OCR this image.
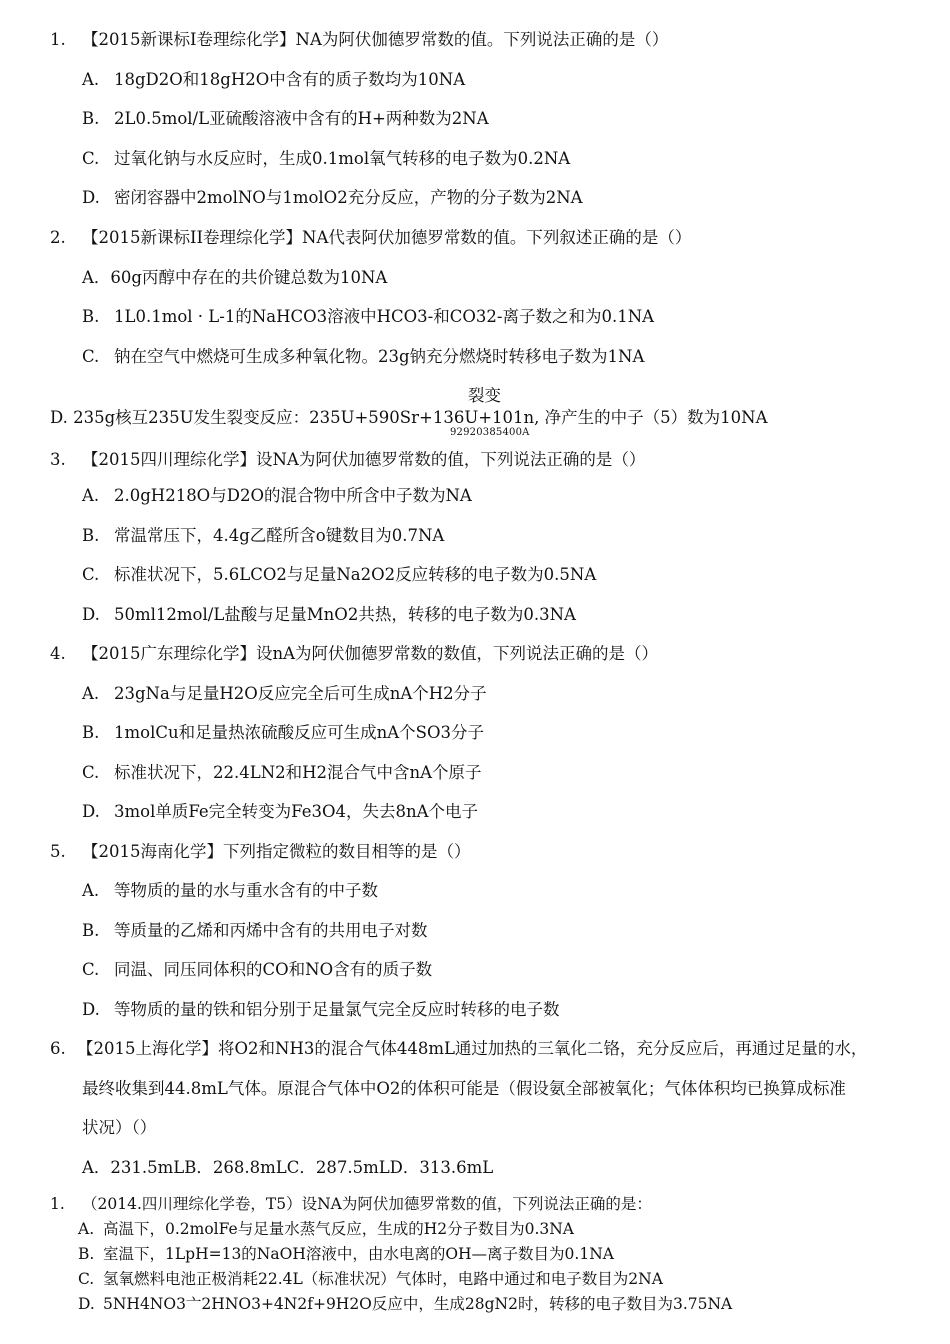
1. 【2015新课标I卷理综化学】NA为阿伏伽德罗常数的值。下列说法正确的是（）
A. 18gD2O和18gH2O中含有的质子数均为10NA
B. 2L0.5mol/L亚硫酸溶液中含有的H+两种数为2NA
C. 过氧化钠与水反应时，生成0.1mol氧气转移的电子数为0.2NA
D. 密闭容器中2molNO与1molO2充分反应，产物的分子数为2NA
2. 【2015新课标II卷理综化学】NA代表阿伏加德罗常数的值。下列叙述正确的是（）
A．60g丙醇中存在的共价键总数为10NA
B. 1L0.1mol · L-1的NaHCO3溶液中HCO3-和CO32-离子数之和为0.1NA
C. 钠在空气中燃烧可生成多种氧化物。23g钠充分燃烧时转移电子数为1NA
裂变
D. 235g核互235U发生裂变反应：235U+590Sr+136U+101n, 净产生的中子（5）数为10NA
92920385400A
3. 【2015四川理综化学】设NA为阿伏加德罗常数的值，下列说法正确的是（）
A. 2.0gH218O与D2O的混合物中所含中子数为NA
B. 常温常压下，4.4g乙醛所含o键数目为0.7NA
C. 标准状况下，5.6LCO2与足量Na2O2反应转移的电子数为0.5NA
D. 50ml12mol/L盐酸与足量MnO2共热，转移的电子数为0.3NA
4. 【2015广东理综化学】设nA为阿伏伽德罗常数的数值，下列说法正确的是（）
A. 23gNa与足量H2O反应完全后可生成nA个H2分子
B. 1molCu和足量热浓硫酸反应可生成nA个SO3分子
C. 标准状况下，22.4LN2和H2混合气中含nA个原子
D. 3mol单质Fe完全转变为Fe3O4，失去8nA个电子
5. 【2015海南化学】下列指定微粒的数目相等的是（）
A. 等物质的量的水与重水含有的中子数
B. 等质量的乙烯和丙烯中含有的共用电子对数
C. 同温、同压同体积的CO和NO含有的质子数
D. 等物质的量的铁和铝分别于足量氯气完全反应时转移的电子数
6. 【2015上海化学】将O2和NH3的混合气体448mL通过加热的三氧化二铬，充分反应后，再通过足量的水，
最终收集到44.8mL气体。原混合气体中O2的体积可能是（假设氨全部被氧化；气体体积均已换算成标准
状况）（）
A．231.5mLB．268.8mLC．287.5mLD．313.6mL
1. （2014.四川理综化学卷，T5）设NA为阿伏加德罗常数的值，下列说法正确的是：
A. 高温下，0.2molFe与足量水蒸气反应，生成的H2分子数目为0.3NA
B. 室温下，1LpH=13的NaOH溶液中，由水电离的OH—离子数目为0.1NA
C. 氢氧燃料电池正极消耗22.4L（标准状况）气体时，电路中通过和电子数目为2NA
D. 5NH4NO3亠2HNO3+4N2f+9H2O反应中，生成28gN2时，转移的电子数目为3.75NA
